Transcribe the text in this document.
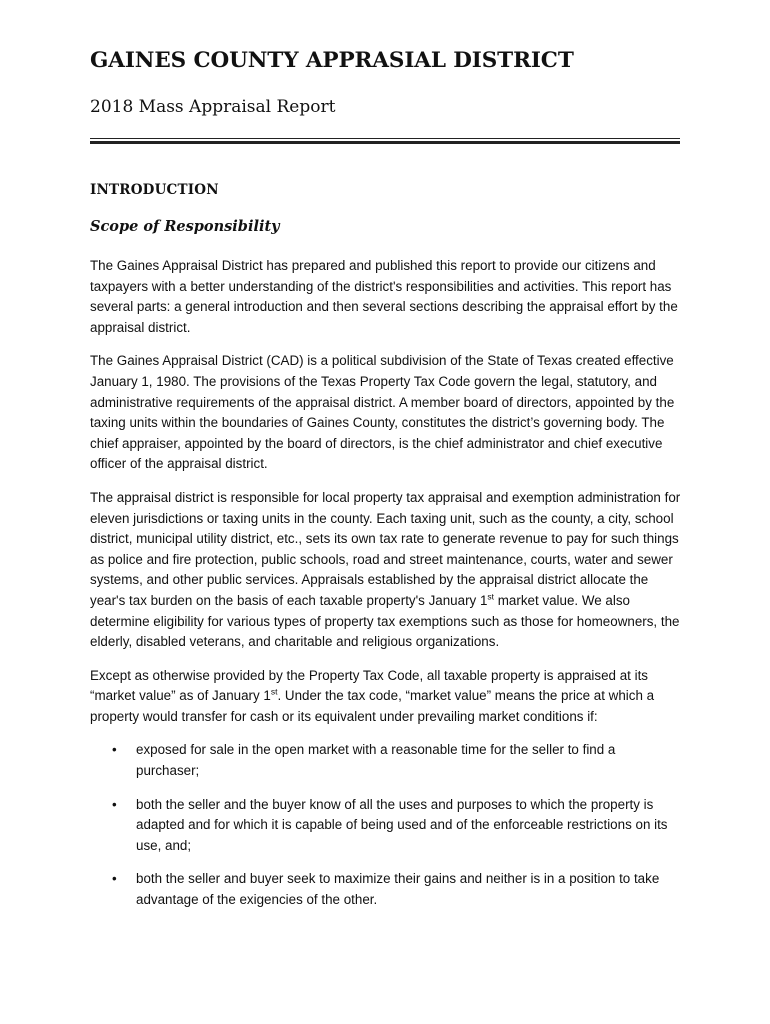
GAINES COUNTY APPRASIAL DISTRICT
2018 Mass Appraisal Report
INTRODUCTION
Scope of Responsibility

The Gaines Appraisal District has prepared and published this report to provide our citizens and taxpayers with a better understanding of the district's responsibilities and activities. This report has several parts: a general introduction and then several sections describing the appraisal effort by the appraisal district.

The Gaines Appraisal District (CAD) is a political subdivision of the State of Texas created effective January 1, 1980. The provisions of the Texas Property Tax Code govern the legal, statutory, and administrative requirements of the appraisal district. A member board of directors, appointed by the taxing units within the boundaries of Gaines County, constitutes the district’s governing body. The chief appraiser, appointed by the board of directors, is the chief administrator and chief executive officer of the appraisal district.

The appraisal district is responsible for local property tax appraisal and exemption administration for eleven jurisdictions or taxing units in the county. Each taxing unit, such as the county, a city, school district, municipal utility district, etc., sets its own tax rate to generate revenue to pay for such things as police and fire protection, public schools, road and street maintenance, courts, water and sewer systems, and other public services. Appraisals established by the appraisal district allocate the year's tax burden on the basis of each taxable property's January 1st market value. We also determine eligibility for various types of property tax exemptions such as those for homeowners, the elderly, disabled veterans, and charitable and religious organizations.

Except as otherwise provided by the Property Tax Code, all taxable property is appraised at its “market value” as of January 1st. Under the tax code, “market value” means the price at which a property would transfer for cash or its equivalent under prevailing market conditions if:

• exposed for sale in the open market with a reasonable time for the seller to find a purchaser;
• both the seller and the buyer know of all the uses and purposes to which the property is adapted and for which it is capable of being used and of the enforceable restrictions on its use, and;
• both the seller and buyer seek to maximize their gains and neither is in a position to take advantage of the exigencies of the other.
